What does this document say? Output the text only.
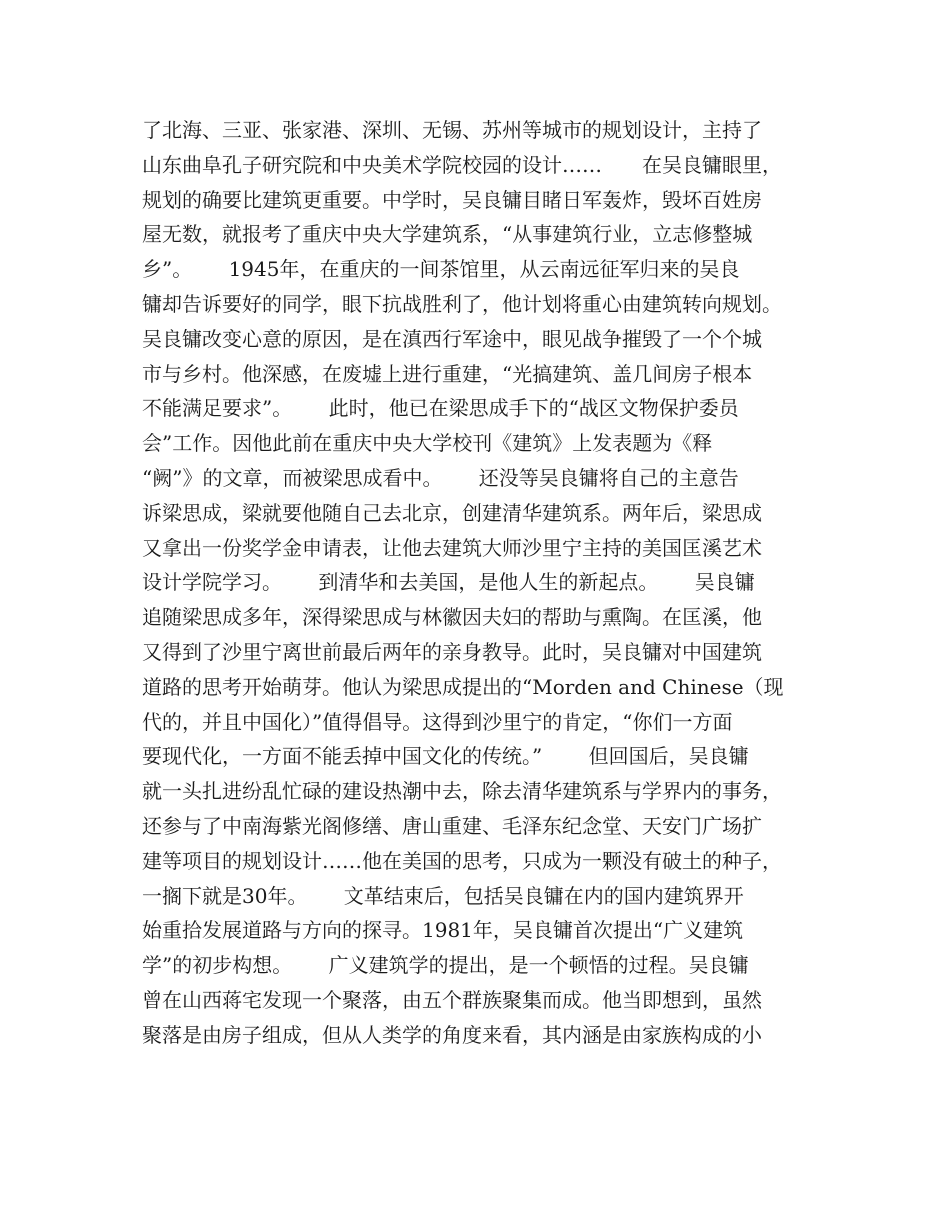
了北海、三亚、张家港、深圳、无锡、苏州等城市的规划设计，主持了
山东曲阜孔子研究院和中央美术学院校园的设计……　　在吴良镛眼里，
规划的确要比建筑更重要。中学时，吴良镛目睹日军轰炸，毁坏百姓房
屋无数，就报考了重庆中央大学建筑系，“从事建筑行业，立志修整城
乡”。　　 1945年，在重庆的一间茶馆里，从云南远征军归来的吴良
镛却告诉要好的同学，眼下抗战胜利了，他计划将重心由建筑转向规划。
吴良镛改变心意的原因，是在滇西行军途中，眼见战争摧毁了一个个城
市与乡村。他深感，在废墟上进行重建，“光搞建筑、盖几间房子根本
不能满足要求”。　　 此时，他已在梁思成手下的“战区文物保护委员
会”工作。因他此前在重庆中央大学校刊《建筑》上发表题为《释
“阙”》的文章，而被梁思成看中。　　 还没等吴良镛将自己的主意告
诉梁思成，梁就要他随自己去北京，创建清华建筑系。两年后，梁思成
又拿出一份奖学金申请表，让他去建筑大师沙里宁主持的美国匡溪艺术
设计学院学习。　　 到清华和去美国，是他人生的新起点。　　 吴良镛
追随梁思成多年，深得梁思成与林徽因夫妇的帮助与熏陶。在匡溪，他
又得到了沙里宁离世前最后两年的亲身教导。此时，吴良镛对中国建筑
道路的思考开始萌芽。他认为梁思成提出的“Morden and Chinese（现
代的，并且中国化）”值得倡导。这得到沙里宁的肯定，“你们一方面
要现代化，一方面不能丢掉中国文化的传统。”　　 但回国后，吴良镛
就一头扎进纷乱忙碌的建设热潮中去，除去清华建筑系与学界内的事务，
还参与了中南海紫光阁修缮、唐山重建、毛泽东纪念堂、天安门广场扩
建等项目的规划设计……他在美国的思考，只成为一颗没有破土的种子，
一搁下就是30年。　　 文革结束后，包括吴良镛在内的国内建筑界开
始重拾发展道路与方向的探寻。1981年，吴良镛首次提出“广义建筑
学”的初步构想。　　 广义建筑学的提出，是一个顿悟的过程。吴良镛
曾在山西蒋宅发现一个聚落，由五个群族聚集而成。他当即想到，虽然
聚落是由房子组成，但从人类学的角度来看，其内涵是由家族构成的小
